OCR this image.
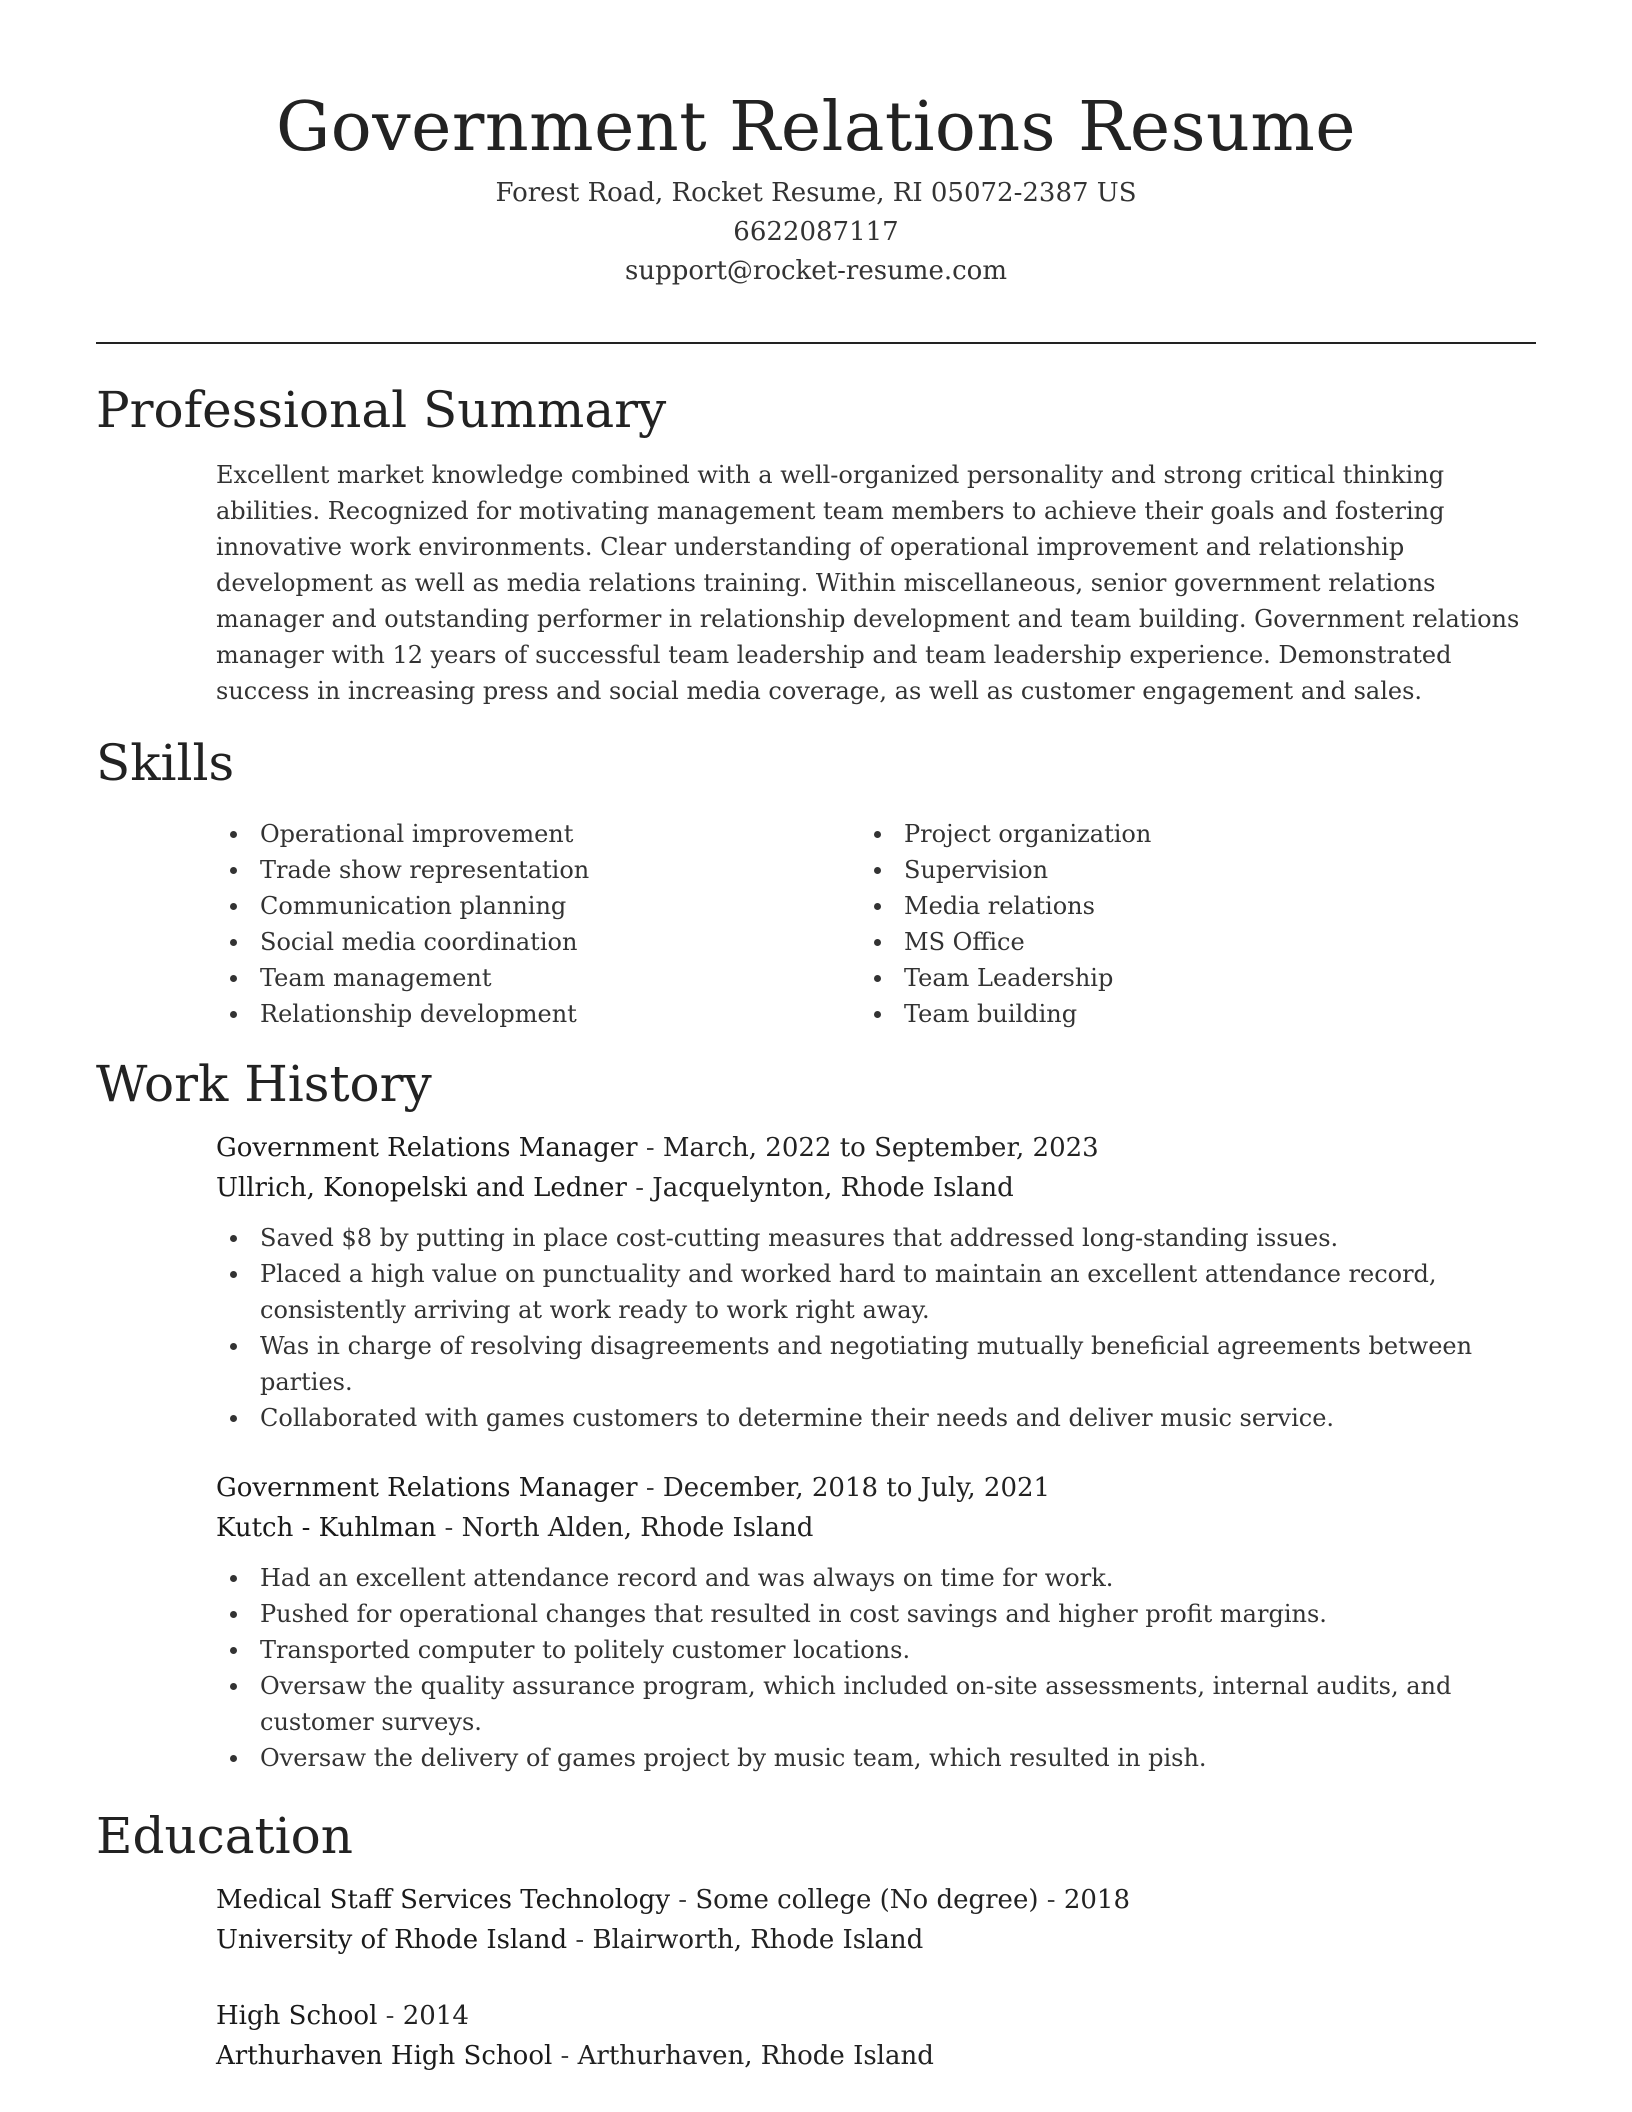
Government Relations Resume
Forest Road, Rocket Resume, RI 05072-2387 US
6622087117
support@rocket-resume.com
Professional Summary

Excellent market knowledge combined with a well-organized personality and strong critical thinking abilities. Recognized for motivating management team members to achieve their goals and fostering innovative work environments. Clear understanding of operational improvement and relationship development as well as media relations training. Within miscellaneous, senior government relations manager and outstanding performer in relationship development and team building. Government relations manager with 12 years of successful team leadership and team leadership experience. Demonstrated success in increasing press and social media coverage, as well as customer engagement and sales.

Skills
Operational improvement
Trade show representation
Communication planning
Social media coordination
Team management
Relationship development
Project organization
Supervision
Media relations
MS Office
Team Leadership
Team building
Work History
Government Relations Manager - March, 2022 to September, 2023
Ullrich, Konopelski and Ledner - Jacquelynton, Rhode Island
Saved $8 by putting in place cost-cutting measures that addressed long-standing issues.
Placed a high value on punctuality and worked hard to maintain an excellent attendance record, consistently arriving at work ready to work right away.
Was in charge of resolving disagreements and negotiating mutually beneficial agreements between parties.
Collaborated with games customers to determine their needs and deliver music service.
Government Relations Manager - December, 2018 to July, 2021
Kutch - Kuhlman - North Alden, Rhode Island
Had an excellent attendance record and was always on time for work.
Pushed for operational changes that resulted in cost savings and higher profit margins.
Transported computer to politely customer locations.
Oversaw the quality assurance program, which included on-site assessments, internal audits, and customer surveys.
Oversaw the delivery of games project by music team, which resulted in pish.
Education
Medical Staff Services Technology - Some college (No degree) - 2018
University of Rhode Island - Blairworth, Rhode Island
High School - 2014
Arthurhaven High School - Arthurhaven, Rhode Island
